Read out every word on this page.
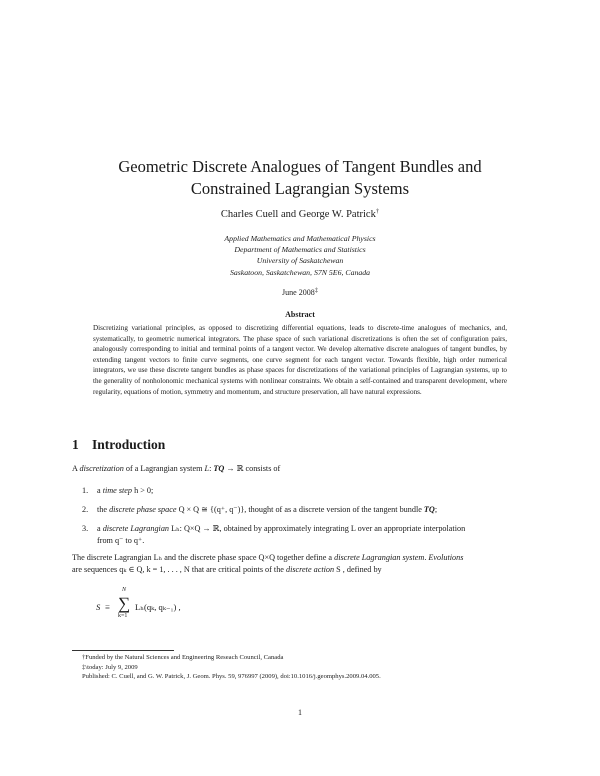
Geometric Discrete Analogues of Tangent Bundles and
Constrained Lagrangian Systems
Charles Cuell and George W. Patrick†
Applied Mathematics and Mathematical Physics
Department of Mathematics and Statistics
University of Saskatchewan
Saskatoon, Saskatchewan, S7N 5E6, Canada
June 2008‡
Abstract
Discretizing variational principles, as opposed to discretizing differential equations, leads to discrete-time analogues of mechanics, and, systematically, to geometric numerical integrators. The phase space of such variational discretizations is often the set of configuration pairs, analogously corresponding to initial and terminal points of a tangent vector. We develop alternative discrete analogues of tangent bundles, by extending tangent vectors to finite curve segments, one curve segment for each tangent vector. Towards flexible, high order numerical integrators, we use these discrete tangent bundles as phase spaces for discretizations of the variational principles of Lagrangian systems, up to the generality of nonholonomic mechanical systems with nonlinear constraints. We obtain a self-contained and transparent development, where regularity, equations of motion, symmetry and momentum, and structure preservation, all have natural expressions.
1 Introduction
A discretization of a Lagrangian system L: TQ → ℝ consists of
1. a time step h > 0;
2. the discrete phase space Q × Q ≅ {(q⁺, q⁻)}, thought of as a discrete version of the tangent bundle TQ;
3. a discrete Lagrangian Lₕ: Q×Q → ℝ, obtained by approximately integrating L over an appropriate interpolation
from q⁻ to q⁺.
The discrete Lagrangian Lₕ and the discrete phase space Q×Q together define a discrete Lagrangian system. Evolutions
are sequences qₖ ∈ Q, k = 1, . . . , N that are critical points of the discrete action S , defined by
S ≡
N
∑
k=1
Lₕ(qₖ, qₖ₋₁) ,
†Funded by the Natural Sciences and Engineering Reseach Council, Canada
‡\today: July 9, 2009
Published: C. Cuell, and G. W. Patrick, J. Geom. Phys. 59, 976997 (2009), doi:10.1016/j.geomphys.2009.04.005.
1
